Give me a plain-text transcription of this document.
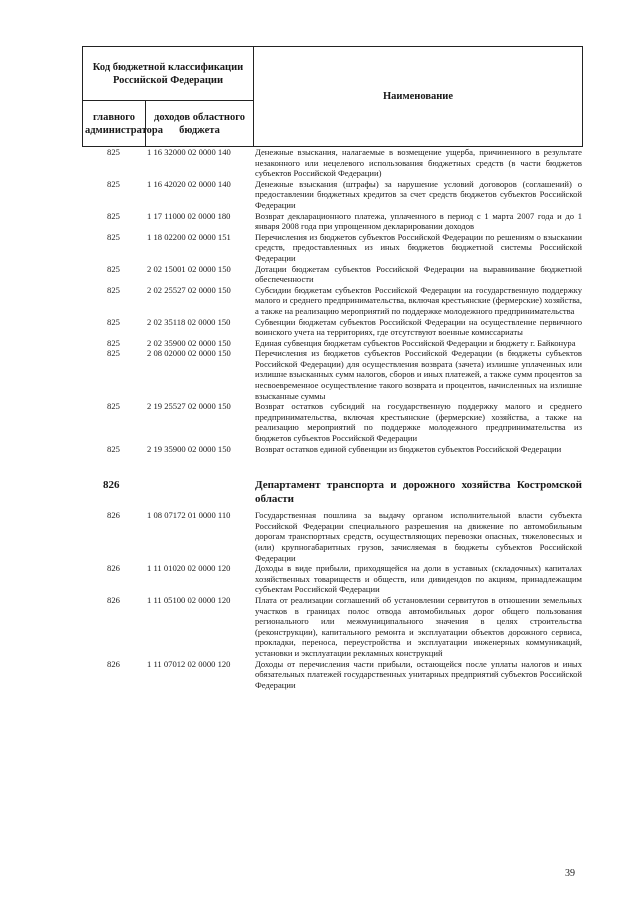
Код бюджетной классификации Российской Федерации		Наименование
главного администратора	доходов областного бюджета	
825	1 16 32000 02 0000 140	Денежные взыскания, налагаемые в возмещение ущерба, причиненного в результате незаконного или нецелевого использования бюджетных средств (в части бюджетов субъектов Российской Федерации)
825	1 16 42020 02 0000 140	Денежные взыскания (штрафы) за нарушение условий договоров (соглашений) о предоставлении бюджетных кредитов за счет средств бюджетов субъектов Российской Федерации
825	1 17 11000 02 0000 180	Возврат декларационного платежа, уплаченного в период с 1 марта 2007 года и до 1 января 2008 года при упрощенном декларировании доходов
825	1 18 02200 02 0000 151	Перечисления из бюджетов субъектов Российской Федерации по решениям о взыскании средств, предоставленных из иных бюджетов бюджетной системы Российской Федерации
825	2 02 15001 02 0000 150	Дотации бюджетам субъектов Российской Федерации на выравнивание бюджетной обеспеченности
825	2 02 25527 02 0000 150	Субсидии бюджетам субъектов Российской Федерации на государственную поддержку малого и среднего предпринимательства, включая крестьянские (фермерские) хозяйства, а также на реализацию мероприятий по поддержке молодежного предпринимательства
825	2 02 35118 02 0000 150	Субвенции бюджетам субъектов Российской Федерации на осуществление первичного воинского учета на территориях, где отсутствуют военные комиссариаты
825	2 02 35900 02 0000 150	Единая субвенция бюджетам субъектов Российской Федерации и бюджету г. Байконура
825	2 08 02000 02 0000 150	Перечисления из бюджетов субъектов Российской Федерации (в бюджеты субъектов Российской Федерации) для осуществления возврата (зачета) излишне уплаченных или излишне взысканных сумм налогов, сборов и иных платежей, а также сумм процентов за несвоевременное осуществление такого возврата и процентов, начисленных на излишне взысканные суммы
825	2 19 25527 02 0000 150	Возврат остатков субсидий на государственную поддержку малого и среднего предпринимательства, включая крестьянские (фермерские) хозяйства, а также на реализацию мероприятий по поддержке молодежного предпринимательства из бюджетов субъектов Российской Федерации
825	2 19 35900 02 0000 150	Возврат остатков единой субвенции из бюджетов субъектов Российской Федерации
826	Департамент транспорта и дорожного хозяйства Костромской области
826	1 08 07172 01 0000 110	Государственная пошлина за выдачу органом исполнительной власти субъекта Российской Федерации специального разрешения на движение по автомобильным дорогам транспортных средств, осуществляющих перевозки опасных, тяжеловесных и (или) крупногабаритных грузов, зачисляемая в бюджеты субъектов Российской Федерации
826	1 11 01020 02 0000 120	Доходы в виде прибыли, приходящейся на доли в уставных (складочных) капиталах хозяйственных товариществ и обществ, или дивидендов по акциям, принадлежащим субъектам Российской Федерации
826	1 11 05100 02 0000 120	Плата от реализации соглашений об установлении сервитутов в отношении земельных участков в границах полос отвода автомобильных дорог общего пользования регионального или межмуниципального значения в целях строительства (реконструкции), капитального ремонта и эксплуатации объектов дорожного сервиса, прокладки, переноса, переустройства и эксплуатации инженерных коммуникаций, установки и эксплуатации рекламных конструкций
826	1 11 07012 02 0000 120	Доходы от перечисления части прибыли, остающейся после уплаты налогов и иных обязательных платежей государственных унитарных предприятий субъектов Российской Федерации
39
